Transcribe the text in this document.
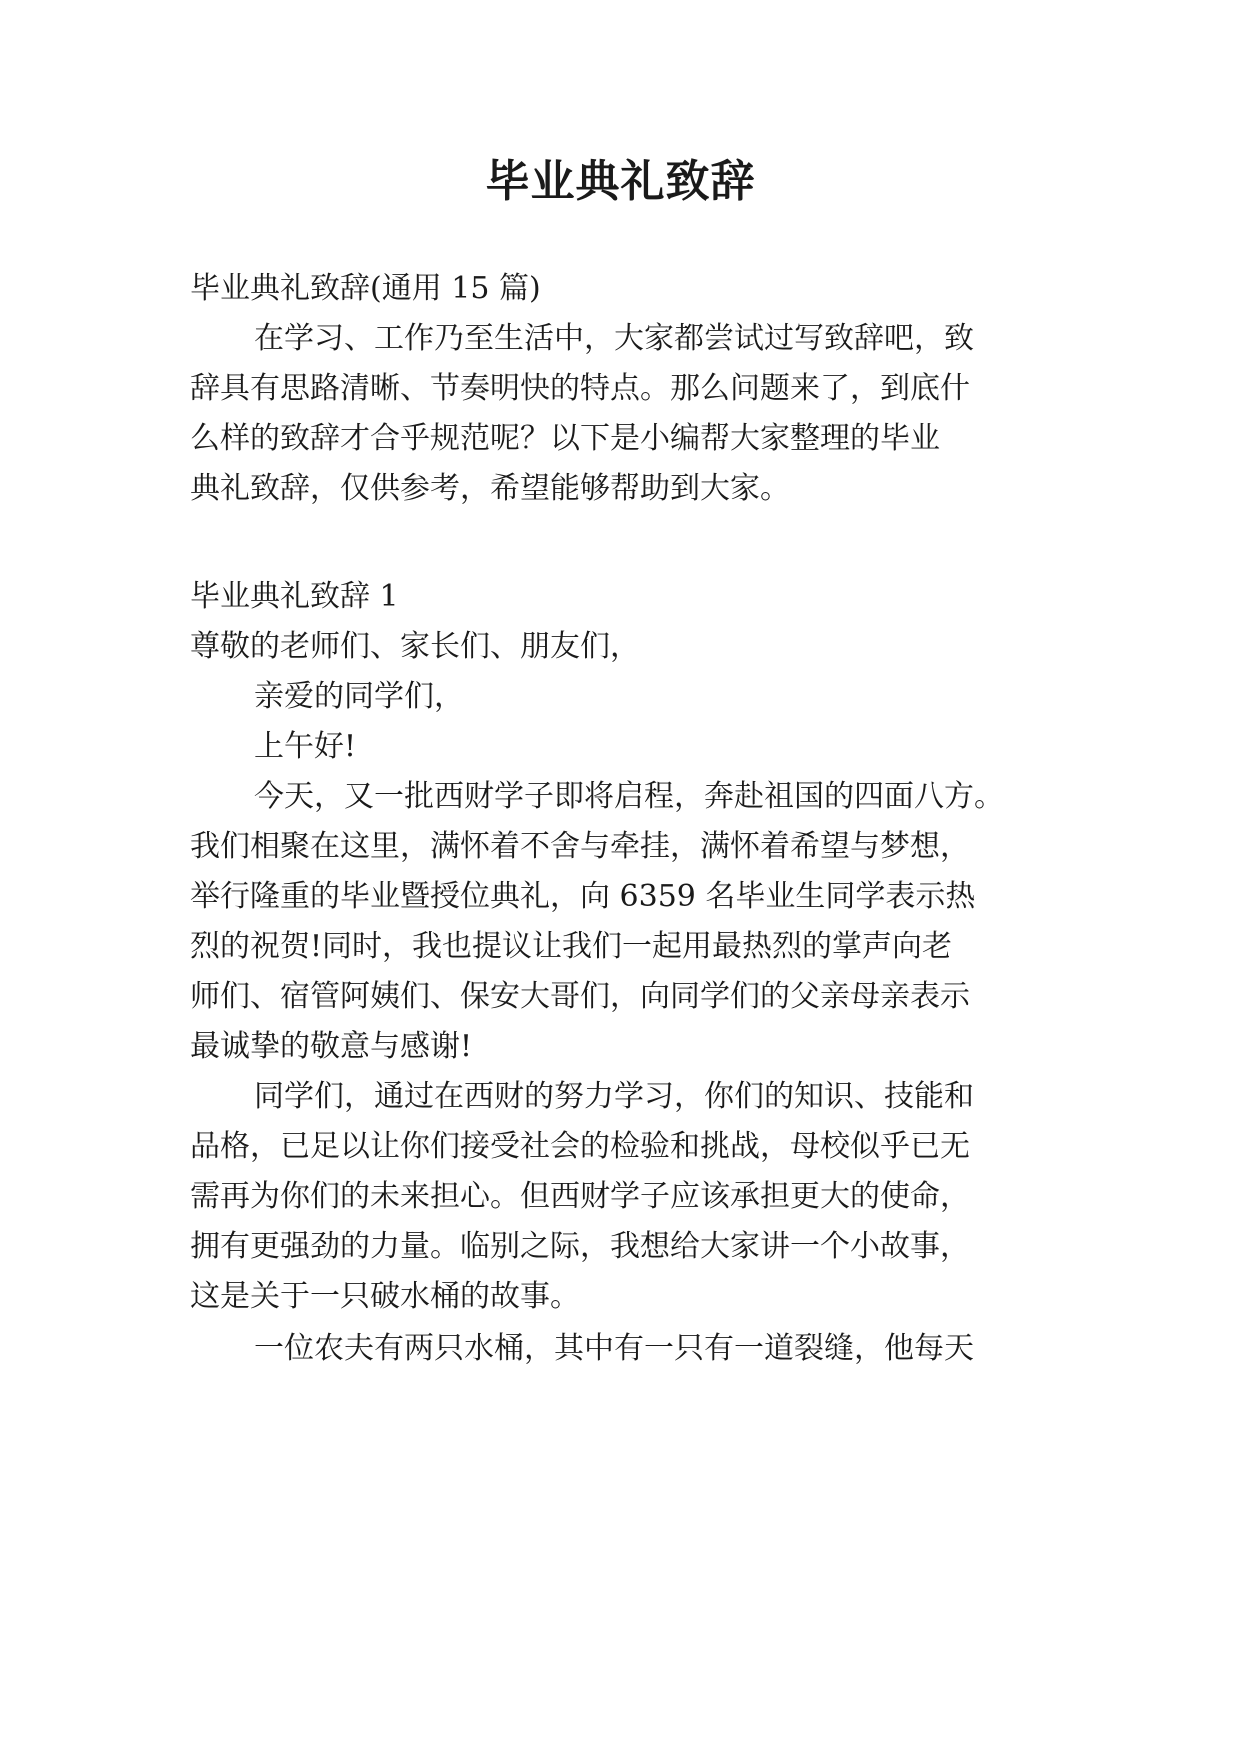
毕业典礼致辞
毕业典礼致辞(通用 15 篇)
在学习、工作乃至生活中，大家都尝试过写致辞吧，致
辞具有思路清晰、节奏明快的特点。那么问题来了，到底什
么样的致辞才合乎规范呢？以下是小编帮大家整理的毕业
典礼致辞，仅供参考，希望能够帮助到大家。
毕业典礼致辞 1
尊敬的老师们、家长们、朋友们，
亲爱的同学们，
上午好!
今天，又一批西财学子即将启程，奔赴祖国的四面八方。
我们相聚在这里，满怀着不舍与牵挂，满怀着希望与梦想，
举行隆重的毕业暨授位典礼，向 6359 名毕业生同学表示热
烈的祝贺!同时，我也提议让我们一起用最热烈的掌声向老
师们、宿管阿姨们、保安大哥们，向同学们的父亲母亲表示
最诚挚的敬意与感谢!
同学们，通过在西财的努力学习，你们的知识、技能和
品格，已足以让你们接受社会的检验和挑战，母校似乎已无
需再为你们的未来担心。但西财学子应该承担更大的使命，
拥有更强劲的力量。临别之际，我想给大家讲一个小故事，
这是关于一只破水桶的故事。
一位农夫有两只水桶，其中有一只有一道裂缝，他每天
